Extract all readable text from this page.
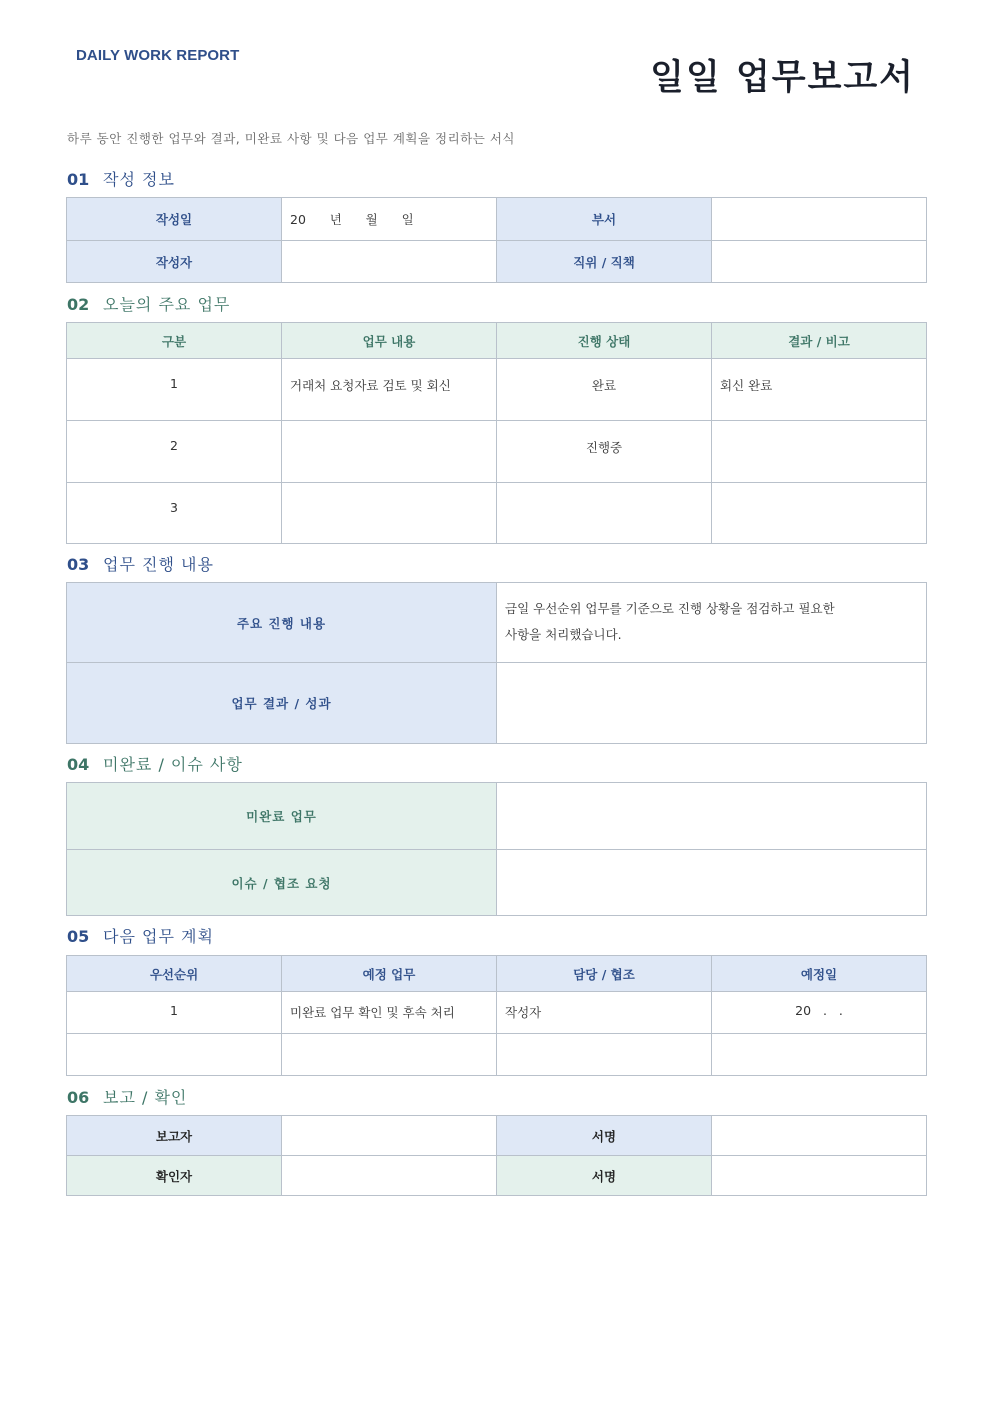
DAILY WORK REPORT
일일 업무보고서
하루 동안 진행한 업무와 결과, 미완료 사항 및 다음 업무 계획을 정리하는 서식
01 작성 정보
작성일	20      년      월      일	부서	
작성자		직위 / 직책	
02 오늘의 주요 업무
구분	업무 내용	진행 상태	결과 / 비고
1	거래처 요청자료 검토 및 회신	완료	회신 완료
2		진행중	
3			
03 업무 진행 내용
주요 진행 내용	금일 우선순위 업무를 기준으로 진행 상황을 점검하고 필요한
사항을 처리했습니다.

업무 결과 / 성과	
04 미완료 / 이슈 사항
미완료 업무	
이슈 / 협조 요청	
05 다음 업무 계획
우선순위	예정 업무	담당 / 협조	예정일
1	미완료 업무 확인 및 후속 처리	작성자	20   .   .

06 보고 / 확인
보고자		서명	
확인자		서명	
